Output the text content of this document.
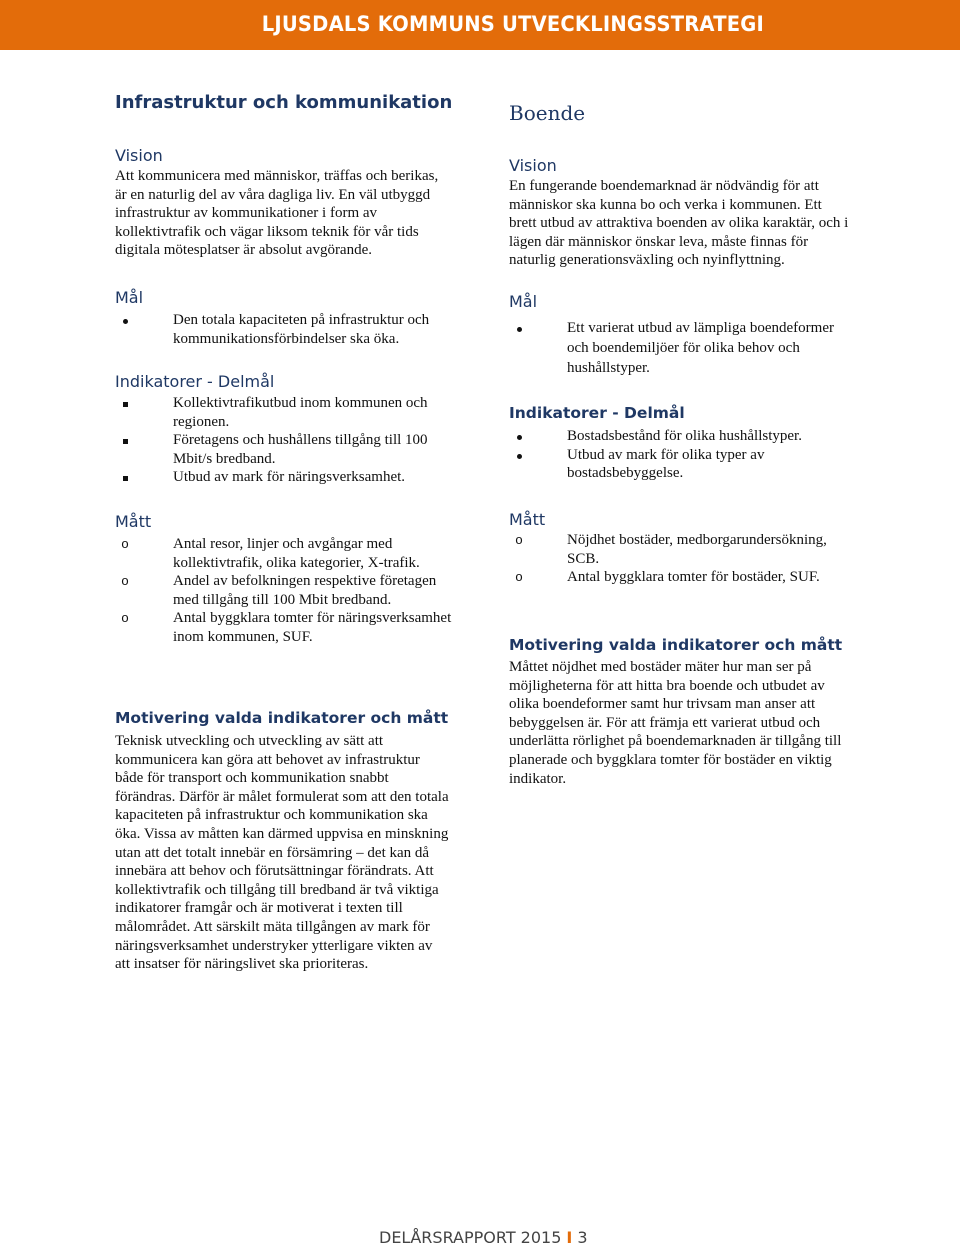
LJUSDALS KOMMUNS UTVECKLINGSSTRATEGI
Infrastruktur och kommunikation
Vision
Att kommunicera med människor, träffas och berikas, är en naturlig del av våra dagliga liv. En väl utbyggd infrastruktur av kommunikationer i form av kollektivtrafik och vägar liksom teknik för vår tids digitala mötesplatser är absolut avgörande.
Mål
Den totala kapaciteten på infrastruktur och kommunikationsförbindelser ska öka.
Indikatorer - Delmål
Kollektivtrafikutbud inom kommunen och regionen.
Företagens och hushållens tillgång till 100 Mbit/s bredband.
Utbud av mark för näringsverksamhet.
Mått
o	Antal resor, linjer och avgångar med kollektivtrafik, olika kategorier, X-trafik.
o	Andel av befolkningen respektive företagen med tillgång till 100 Mbit bredband.
o	Antal byggklara tomter för näringsverksamhet inom kommunen, SUF.
Motivering valda indikatorer och mått
Teknisk utveckling och utveckling av sätt att kommunicera kan göra att behovet av infrastruktur både för transport och kommunikation snabbt förändras. Därför är målet formulerat som att den totala kapaciteten på infrastruktur och kommunikation ska öka. Vissa av måtten kan därmed uppvisa en minskning utan att det totalt innebär en försämring – det kan då innebära att behov och förutsättningar förändrats. Att kollektivtrafik och tillgång till bredband är två viktiga indikatorer framgår och är motiverat i texten till målområdet. Att särskilt mäta tillgången av mark för näringsverksamhet understryker ytterligare vikten av att insatser för näringslivet ska prioriteras.
Boende
Vision
En fungerande boendemarknad är nödvändig för att människor ska kunna bo och verka i kommunen. Ett brett utbud av attraktiva boenden av olika karaktär, och i lägen där människor önskar leva, måste finnas för naturlig generationsväxling och nyinflyttning.
Mål
Ett varierat utbud av lämpliga boendeformer och boendemiljöer för olika behov och hushållstyper.
Indikatorer - Delmål
Bostadsbestånd för olika hushållstyper.
Utbud av mark för olika typer av bostadsbebyggelse.
Mått
o	Nöjdhet bostäder, medborgarundersökning, SCB.
o	Antal byggklara tomter för bostäder, SUF.
Motivering valda indikatorer och mått
Måttet nöjdhet med bostäder mäter hur man ser på möjligheterna för att hitta bra boende och utbudet av olika boendeformer samt hur trivsam man anser att bebyggelsen är. För att främja ett varierat utbud och underlätta rörlighet på boendemarknaden är tillgång till planerade och byggklara tomter för bostäder en viktig indikator.
DELÅRSRAPPORT 2015 I 3
